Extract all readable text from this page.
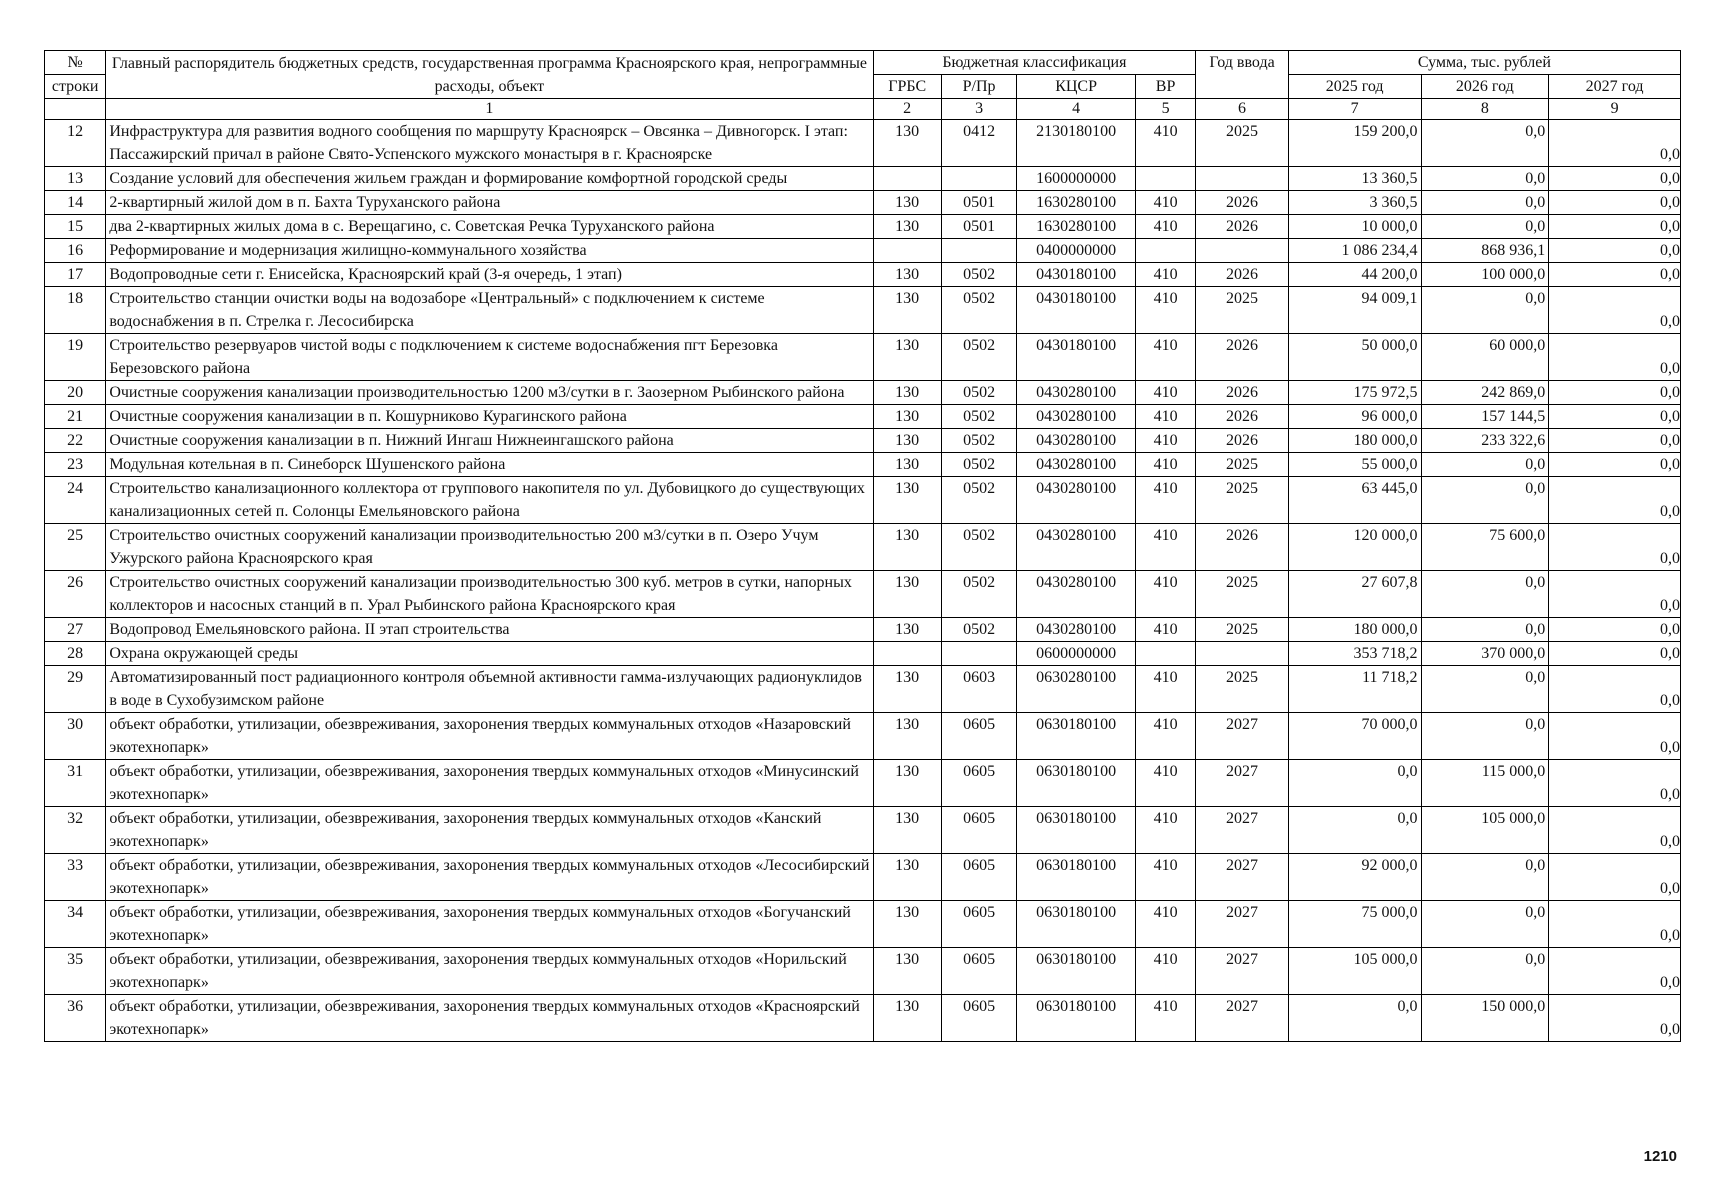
№	Главный распорядитель бюджетных средств, государственная программа Красноярского края, непрограммные расходы, объект	Бюджетная классификация				Год ввода	Сумма, тыс. рублей		
строки		ГРБС	Р/Пр	КЦСР	ВР		2025 год	2026 год	2027 год
	1	2	3	4	5	6	7	8	9
12	Инфраструктура для развития водного сообщения по маршруту Красноярск – Овсянка – Дивногорск. I этап: Пассажирский причал в районе Свято-Успенского мужского монастыря в г. Красноярске	130	0412	2130180100	410	2025	159 200,0	0,0	0,0
13	Создание условий для обеспечения жильем граждан и формирование комфортной городской среды			1600000000			13 360,5	0,0	0,0
14	2-квартирный жилой дом в п. Бахта Туруханского района	130	0501	1630280100	410	2026	3 360,5	0,0	0,0
15	два 2-квартирных жилых дома в с. Верещагино, с. Советская Речка Туруханского района	130	0501	1630280100	410	2026	10 000,0	0,0	0,0
16	Реформирование и модернизация жилищно-коммунального хозяйства			0400000000			1 086 234,4	868 936,1	0,0
17	Водопроводные сети г. Енисейска, Красноярский край (3-я очередь, 1 этап)	130	0502	0430180100	410	2026	44 200,0	100 000,0	0,0
18	Строительство станции очистки воды на водозаборе «Центральный» с подключением к системе водоснабжения в п. Стрелка г. Лесосибирска	130	0502	0430180100	410	2025	94 009,1	0,0	0,0
19	Строительство резервуаров чистой воды с подключением к системе водоснабжения пгт Березовка Березовского района	130	0502	0430180100	410	2026	50 000,0	60 000,0	0,0
20	Очистные сооружения канализации производительностью 1200 м3/сутки в г. Заозерном Рыбинского района	130	0502	0430280100	410	2026	175 972,5	242 869,0	0,0
21	Очистные сооружения канализации в п. Кошурниково Курагинского района	130	0502	0430280100	410	2026	96 000,0	157 144,5	0,0
22	Очистные сооружения канализации в п. Нижний Ингаш Нижнеингашского района	130	0502	0430280100	410	2026	180 000,0	233 322,6	0,0
23	Модульная котельная в п. Синеборск Шушенского района	130	0502	0430280100	410	2025	55 000,0	0,0	0,0
24	Строительство канализационного коллектора от группового накопителя по ул. Дубовицкого до существующих канализационных сетей п. Солонцы Емельяновского района	130	0502	0430280100	410	2025	63 445,0	0,0	0,0
25	Строительство очистных сооружений канализации производительностью 200 м3/сутки в п. Озеро Учум Ужурского района Красноярского края	130	0502	0430280100	410	2026	120 000,0	75 600,0	0,0
26	Строительство очистных сооружений канализации производительностью 300 куб. метров в сутки, напорных коллекторов и насосных станций в п. Урал Рыбинского района Красноярского края	130	0502	0430280100	410	2025	27 607,8	0,0	0,0
27	Водопровод Емельяновского района. II этап строительства	130	0502	0430280100	410	2025	180 000,0	0,0	0,0
28	Охрана окружающей среды			0600000000			353 718,2	370 000,0	0,0
29	Автоматизированный пост радиационного контроля объемной активности гамма-излучающих радионуклидов в воде в Сухобузимском районе	130	0603	0630280100	410	2025	11 718,2	0,0	0,0
30	объект обработки, утилизации, обезвреживания, захоронения твердых коммунальных отходов «Назаровский экотехнопарк»	130	0605	0630180100	410	2027	70 000,0	0,0	0,0
31	объект обработки, утилизации, обезвреживания, захоронения твердых коммунальных отходов «Минусинский экотехнопарк»	130	0605	0630180100	410	2027	0,0	115 000,0	0,0
32	объект обработки, утилизации, обезвреживания, захоронения твердых коммунальных отходов «Канский экотехнопарк»	130	0605	0630180100	410	2027	0,0	105 000,0	0,0
33	объект обработки, утилизации, обезвреживания, захоронения твердых коммунальных отходов «Лесосибирский экотехнопарк»	130	0605	0630180100	410	2027	92 000,0	0,0	0,0
34	объект обработки, утилизации, обезвреживания, захоронения твердых коммунальных отходов «Богучанский экотехнопарк»	130	0605	0630180100	410	2027	75 000,0	0,0	0,0
35	объект обработки, утилизации, обезвреживания, захоронения твердых коммунальных отходов «Норильский экотехнопарк»	130	0605	0630180100	410	2027	105 000,0	0,0	0,0
36	объект обработки, утилизации, обезвреживания, захоронения твердых коммунальных отходов «Красноярский экотехнопарк»	130	0605	0630180100	410	2027	0,0	150 000,0	0,0
1210
